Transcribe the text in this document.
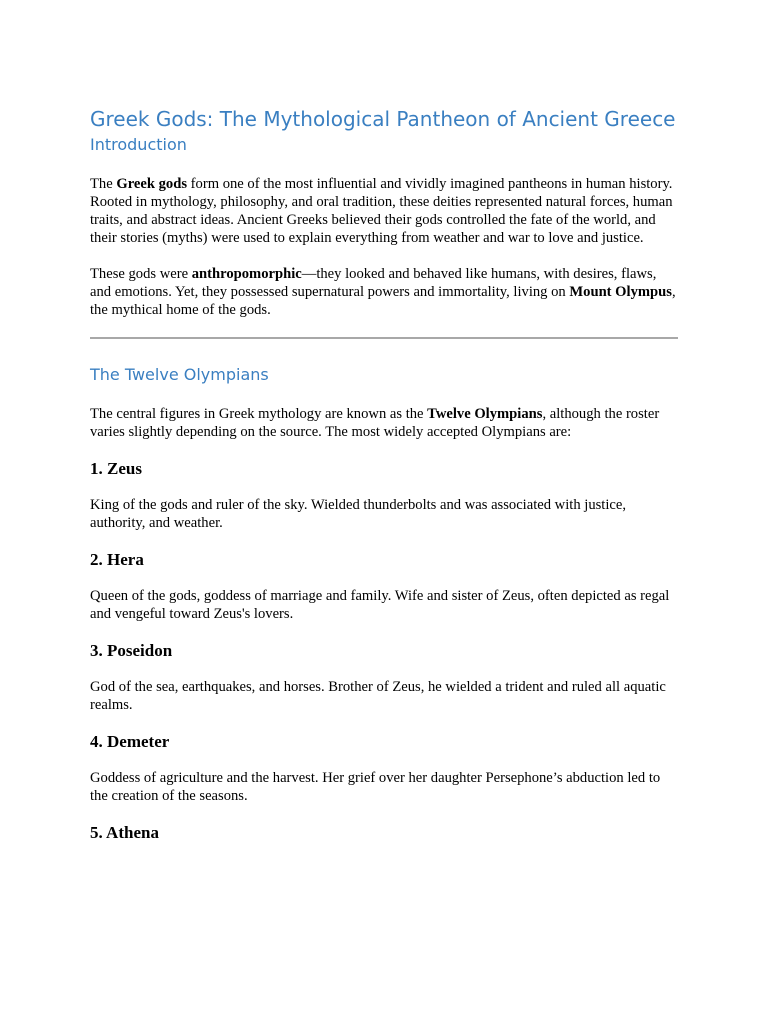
Greek Gods: The Mythological Pantheon of Ancient Greece
Introduction

The Greek gods form one of the most influential and vividly imagined pantheons in human history. Rooted in mythology, philosophy, and oral tradition, these deities represented natural forces, human traits, and abstract ideas. Ancient Greeks believed their gods controlled the fate of the world, and their stories (myths) were used to explain everything from weather and war to love and justice.

These gods were anthropomorphic—they looked and behaved like humans, with desires, flaws, and emotions. Yet, they possessed supernatural powers and immortality, living on Mount Olympus, the mythical home of the gods.

The Twelve Olympians

The central figures in Greek mythology are known as the Twelve Olympians, although the roster varies slightly depending on the source. The most widely accepted Olympians are:

1. Zeus

King of the gods and ruler of the sky. Wielded thunderbolts and was associated with justice, authority, and weather.

2. Hera

Queen of the gods, goddess of marriage and family. Wife and sister of Zeus, often depicted as regal and vengeful toward Zeus's lovers.

3. Poseidon

God of the sea, earthquakes, and horses. Brother of Zeus, he wielded a trident and ruled all aquatic realms.

4. Demeter

Goddess of agriculture and the harvest. Her grief over her daughter Persephone’s abduction led to the creation of the seasons.

5. Athena
